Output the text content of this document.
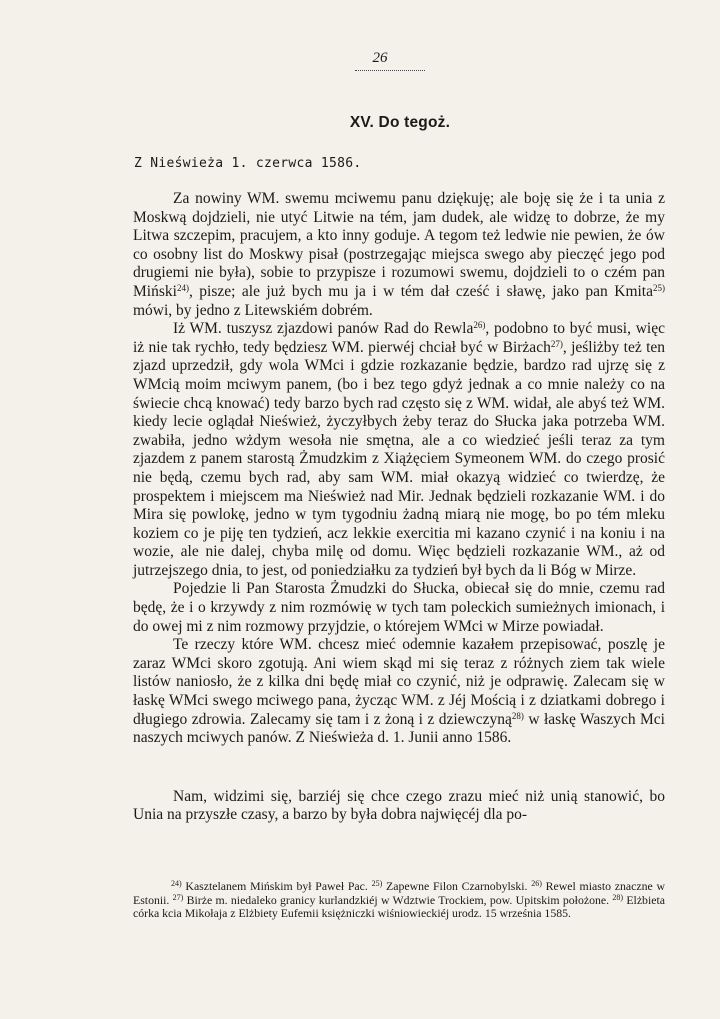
26
XV. Do tegoż.
Z Nieświeża 1. czerwca 1586.

Za nowiny WM. swemu mciwemu panu dziękuję; ale boję się że i ta unia z Moskwą dojdzieli, nie utyć Litwie na tém, jam dudek, ale widzę to dobrze, że my Litwa szczepim, pracujem, a kto inny goduje. A tegom też ledwie nie pewien, że ów co osobny list do Moskwy pisał (postrzegając miejsca swego aby pieczęć jego pod drugiemi nie była), sobie to przypisze i rozumowi swemu, dojdzieli to o czém pan Miński$^{24)}$, pisze; ale już bych mu ja i w tém dał cześć i sławę, jako pan Kmita$^{25)}$ mówi, by jedno z Litewskiém dobrém.

Iż WM. tuszysz zjazdowi panów Rad do Rewla$^{26)}$, podobno to być musi, więc iż nie tak rychło, tedy będziesz WM. pierwéj chciał być w Birżach$^{27)}$, jeśliżby też ten zjazd uprzedził, gdy wola WMci i gdzie rozkazanie będzie, bardzo rad ujrzę się z WMcią moim mciwym panem, (bo i bez tego gdyż jednak a co mnie należy co na świecie chcą knować) tedy barzo bych rad często się z WM. widał, ale abyś też WM. kiedy lecie oglądał Nieśwież, życzyłbych żeby teraz do Słucka jaka potrzeba WM. zwabiła, jedno wżdym wesoła nie smętna, ale a co wiedzieć jeśli teraz za tym zjazdem z panem starostą Żmudzkim z Xiążęciem Symeonem WM. do czego prosić nie będą, czemu bych rad, aby sam WM. miał okazyą widzieć co twierdzę, że prospektem i miejscem ma Nieśwież nad Mir. Jednak będzieli rozkazanie WM. i do Mira się powlokę, jedno w tym tygodniu żadną miarą nie mogę, bo po tém mleku koziem co je piję ten tydzień, acz lekkie exercitia mi kazano czynić i na koniu i na wozie, ale nie dalej, chyba milę od domu. Więc będzieli rozkazanie WM., aż od jutrzejszego dnia, to jest, od poniedziałku za tydzień był bych da li Bóg w Mirze.

Pojedzie li Pan Starosta Żmudzki do Słucka, obiecał się do mnie, czemu rad będę, że i o krzywdy z nim rozmówię w tych tam poleckich sumieżnych imionach, i do owej mi z nim rozmowy przyjdzie, o którejem WMci w Mirze powiadał.

Te rzeczy które WM. chcesz mieć odemnie kazałem przepisować, poszlę je zaraz WMci skoro zgotują. Ani wiem skąd mi się teraz z różnych ziem tak wiele listów naniosło, że z kilka dni będę miał co czynić, niż je odprawię. Zalecam się w łaskę WMci swego mciwego pana, życząc WM. z Jéj Mością i z dziatkami dobrego i długiego zdrowia. Zalecamy się tam i z żoną i z dziewczyną$^{28)}$ w łaskę Waszych Mci naszych mciwych panów. Z Nieświeża d. 1. Junii anno 1586.

Nam, widzimi się, barziéj się chce czego zrazu mieć niż unią stanowić, bo Unia na przyszłe czasy, a barzo by była dobra najwięcéj dla po-

$^{24)}$ Kasztelanem Mińskim był Paweł Pac. $^{25)}$ Zapewne Filon Czarnobylski. $^{26)}$ Rewel miasto znaczne w Estonii. $^{27)}$ Birże m. niedaleko granicy kurlandzkiéj w Wdztwie Trockiem, pow. Upitskim położone. $^{28)}$ Elżbieta córka kcia Mikołaja z Elżbiety Eufemii księżniczki wiśniowieckiéj urodz. 15 września 1585.
